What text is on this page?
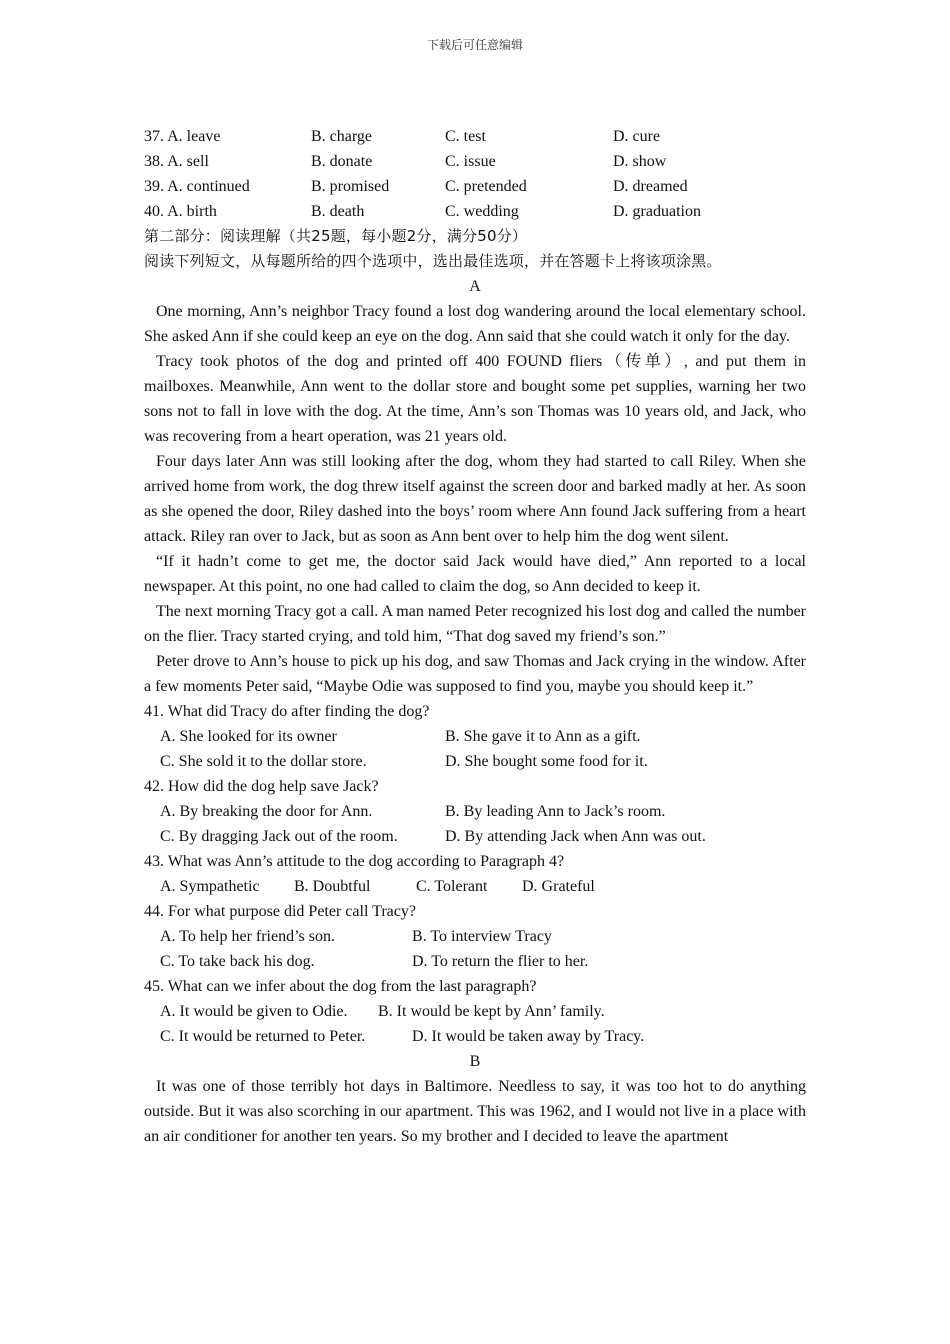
下载后可任意编辑
37. A. leave	B. charge	C. test	D. cure
38. A. sell	B. donate	C. issue	D. show
39. A. continued	B. promised	C. pretended	D. dreamed
40. A. birth	B. death	C. wedding	D. graduation
第二部分：阅读理解（共25题，每小题2分，满分50分）
阅读下列短文，从每题所给的四个选项中，选出最佳选项，并在答题卡上将该项涂黑。
A

One morning, Ann’s neighbor Tracy found a lost dog wandering around the local elementary school. She asked Ann if she could keep an eye on the dog. Ann said that she could watch it only for the day.

Tracy took photos of the dog and printed off 400 FOUND fliers（传单）, and put them in mailboxes. Meanwhile, Ann went to the dollar store and bought some pet supplies, warning her two sons not to fall in love with the dog. At the time, Ann’s son Thomas was 10 years old, and Jack, who was recovering from a heart operation, was 21 years old.

Four days later Ann was still looking after the dog, whom they had started to call Riley. When she arrived home from work, the dog threw itself against the screen door and barked madly at her. As soon as she opened the door, Riley dashed into the boys’ room where Ann found Jack suffering from a heart attack. Riley ran over to Jack, but as soon as Ann bent over to help him the dog went silent.

“If it hadn’t come to get me, the doctor said Jack would have died,” Ann reported to a local newspaper. At this point, no one had called to claim the dog, so Ann decided to keep it.

The next morning Tracy got a call. A man named Peter recognized his lost dog and called the number on the flier. Tracy started crying, and told him, “That dog saved my friend’s son.”

Peter drove to Ann’s house to pick up his dog, and saw Thomas and Jack crying in the window. After a few moments Peter said, “Maybe Odie was supposed to find you, maybe you should keep it.”

41. What did Tracy do after finding the dog?
A. She looked for its owner	B. She gave it to Ann as a gift.
C. She sold it to the dollar store.	D. She bought some food for it.
42. How did the dog help save Jack?
A. By breaking the door for Ann.	B. By leading Ann to Jack’s room.
C. By dragging Jack out of the room.	D. By attending Jack when Ann was out.
43. What was Ann’s attitude to the dog according to Paragraph 4?
A. Sympathetic	B. Doubtful	C. Tolerant	D. Grateful
44. For what purpose did Peter call Tracy?
A. To help her friend’s son.	B. To interview Tracy
C. To take back his dog.	D. To return the flier to her.
45. What can we infer about the dog from the last paragraph?
A. It would be given to Odie.	B. It would be kept by Ann’ family.
C. It would be returned to Peter.	D. It would be taken away by Tracy.
B

It was one of those terribly hot days in Baltimore. Needless to say, it was too hot to do anything outside. But it was also scorching in our apartment. This was 1962, and I would not live in a place with an air conditioner for another ten years. So my brother and I decided to leave the apartment
